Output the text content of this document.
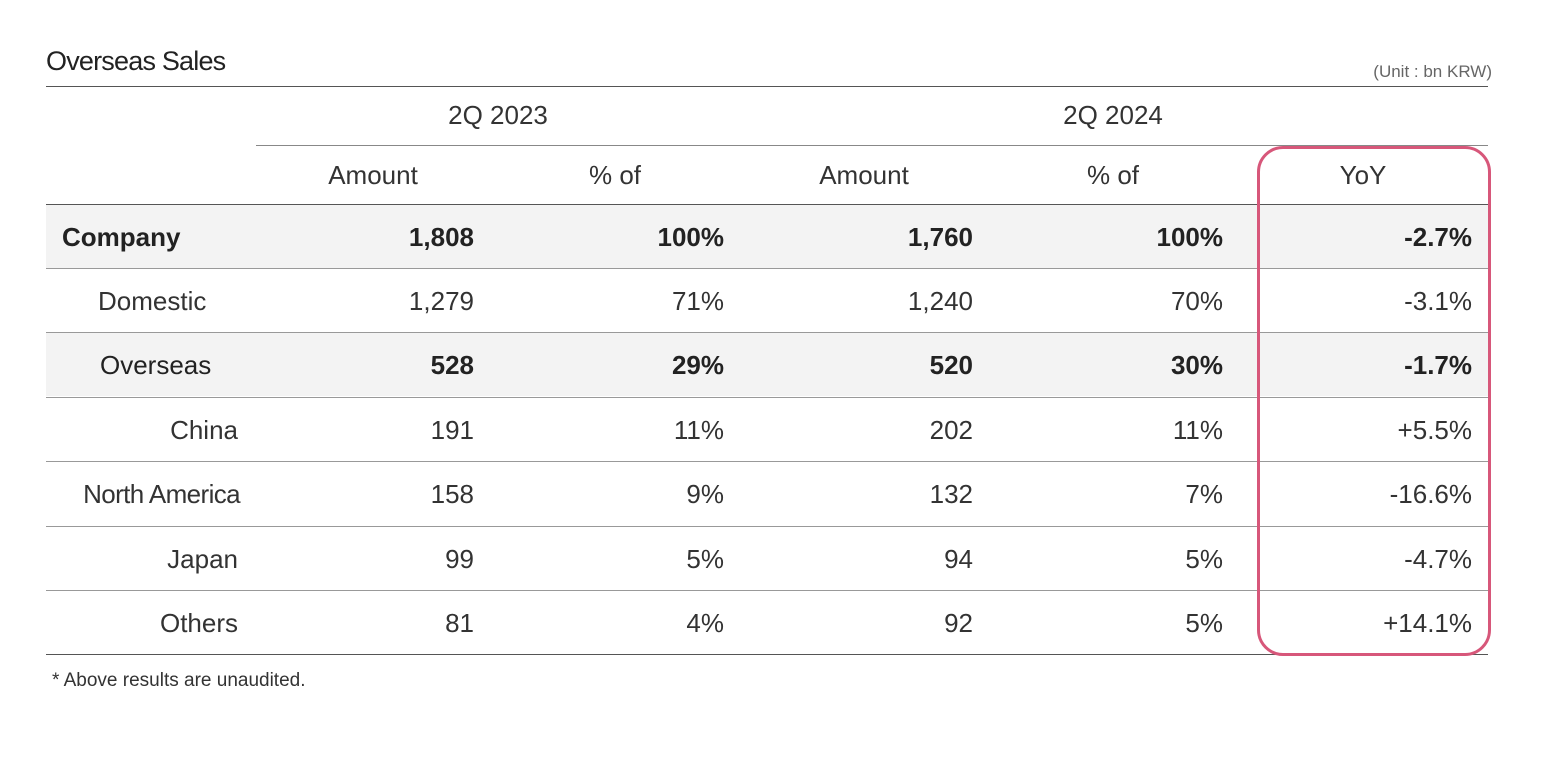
Overseas Sales	(Unit : bn KRW)
2Q 2023	2Q 2024
Amount	% of	Amount	% of	YoY
Company	1,808	100%	1,760	100%	-2.7%
Domestic	1,279	71%	1,240	70%	-3.1%
Overseas	528	29%	520	30%	-1.7%
China	191	11%	202	11%	+5.5%
North America	158	9%	132	7%	-16.6%
Japan	99	5%	94	5%	-4.7%
Others	81	4%	92	5%	+14.1%
* Above results are unaudited.
